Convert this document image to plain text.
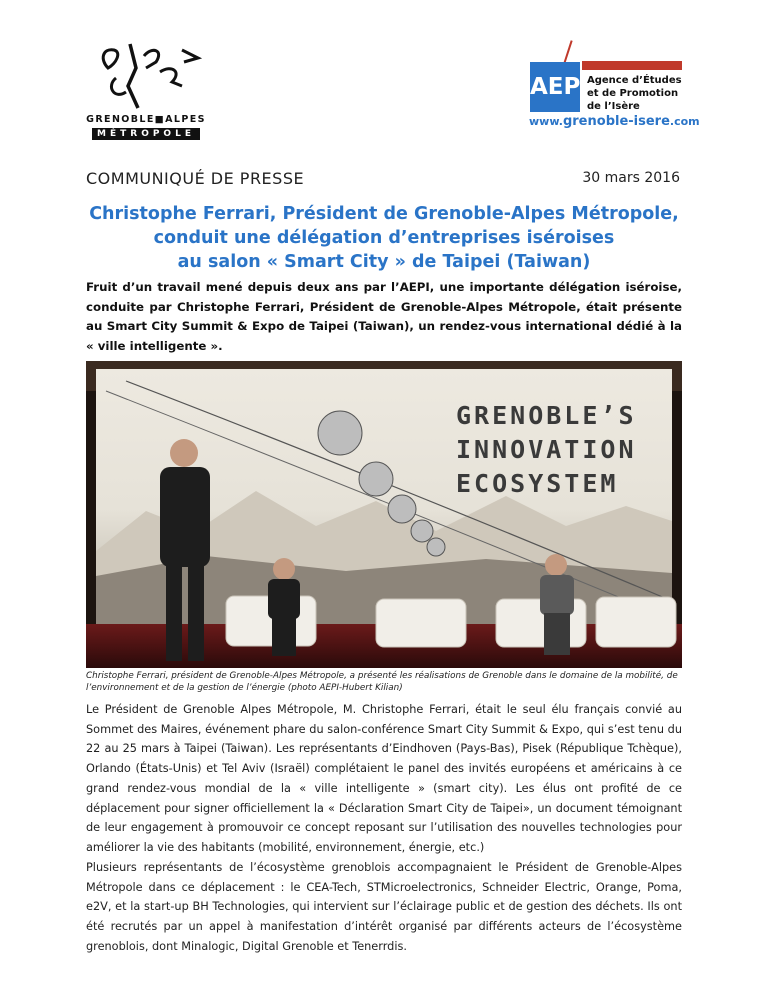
GRENOBLE■ALPES
MÉTROPOLE
AEPI
Agence d’Études
et de Promotion
de l’Isère
www.grenoble-isere.com
COMMUNIQUÉ DE PRESSE	30 mars 2016
Christophe Ferrari, Président de Grenoble-Alpes Métropole,
conduit une délégation d’entreprises iséroises
au salon « Smart City » de Taipei (Taiwan)
Fruit d’un travail mené depuis deux ans par l’AEPI, une importante délégation iséroise, conduite par Christophe Ferrari, Président de Grenoble-Alpes Métropole, était présente au Smart City Summit & Expo de Taipei (Taiwan), un rendez-vous international dédié à la « ville intelligente ».
GRENOBLE’S
INNOVATION
ECOSYSTEM
Christophe Ferrari, président de Grenoble-Alpes Métropole, a présenté les réalisations de Grenoble dans le domaine de la mobilité, de l’environnement et de la gestion de l’énergie (photo AEPI-Hubert Kilian)
Le Président de Grenoble Alpes Métropole, M. Christophe Ferrari, était le seul élu français convié au Sommet des Maires, événement phare du salon-conférence Smart City Summit & Expo, qui s’est tenu du 22 au 25 mars à Taipei (Taiwan). Les représentants d’Eindhoven (Pays-Bas), Pisek (République Tchèque), Orlando (États-Unis) et Tel Aviv (Israël) complétaient le panel des invités européens et américains à ce grand rendez-vous mondial de la « ville intelligente » (smart city). Les élus ont profité de ce déplacement pour signer officiellement la « Déclaration Smart City de Taipei», un document témoignant de leur engagement à promouvoir ce concept reposant sur l’utilisation des nouvelles technologies pour améliorer la vie des habitants (mobilité, environnement, énergie, etc.)
Plusieurs représentants de l’écosystème grenoblois accompagnaient le Président de Grenoble-Alpes Métropole dans ce déplacement : le CEA-Tech, STMicroelectronics, Schneider Electric, Orange, Poma, e2V, et la start-up BH Technologies, qui intervient sur l’éclairage public et de gestion des déchets. Ils ont été recrutés par un appel à manifestation d’intérêt organisé par différents acteurs de l’écosystème grenoblois, dont Minalogic, Digital Grenoble et Tenerrdis.
